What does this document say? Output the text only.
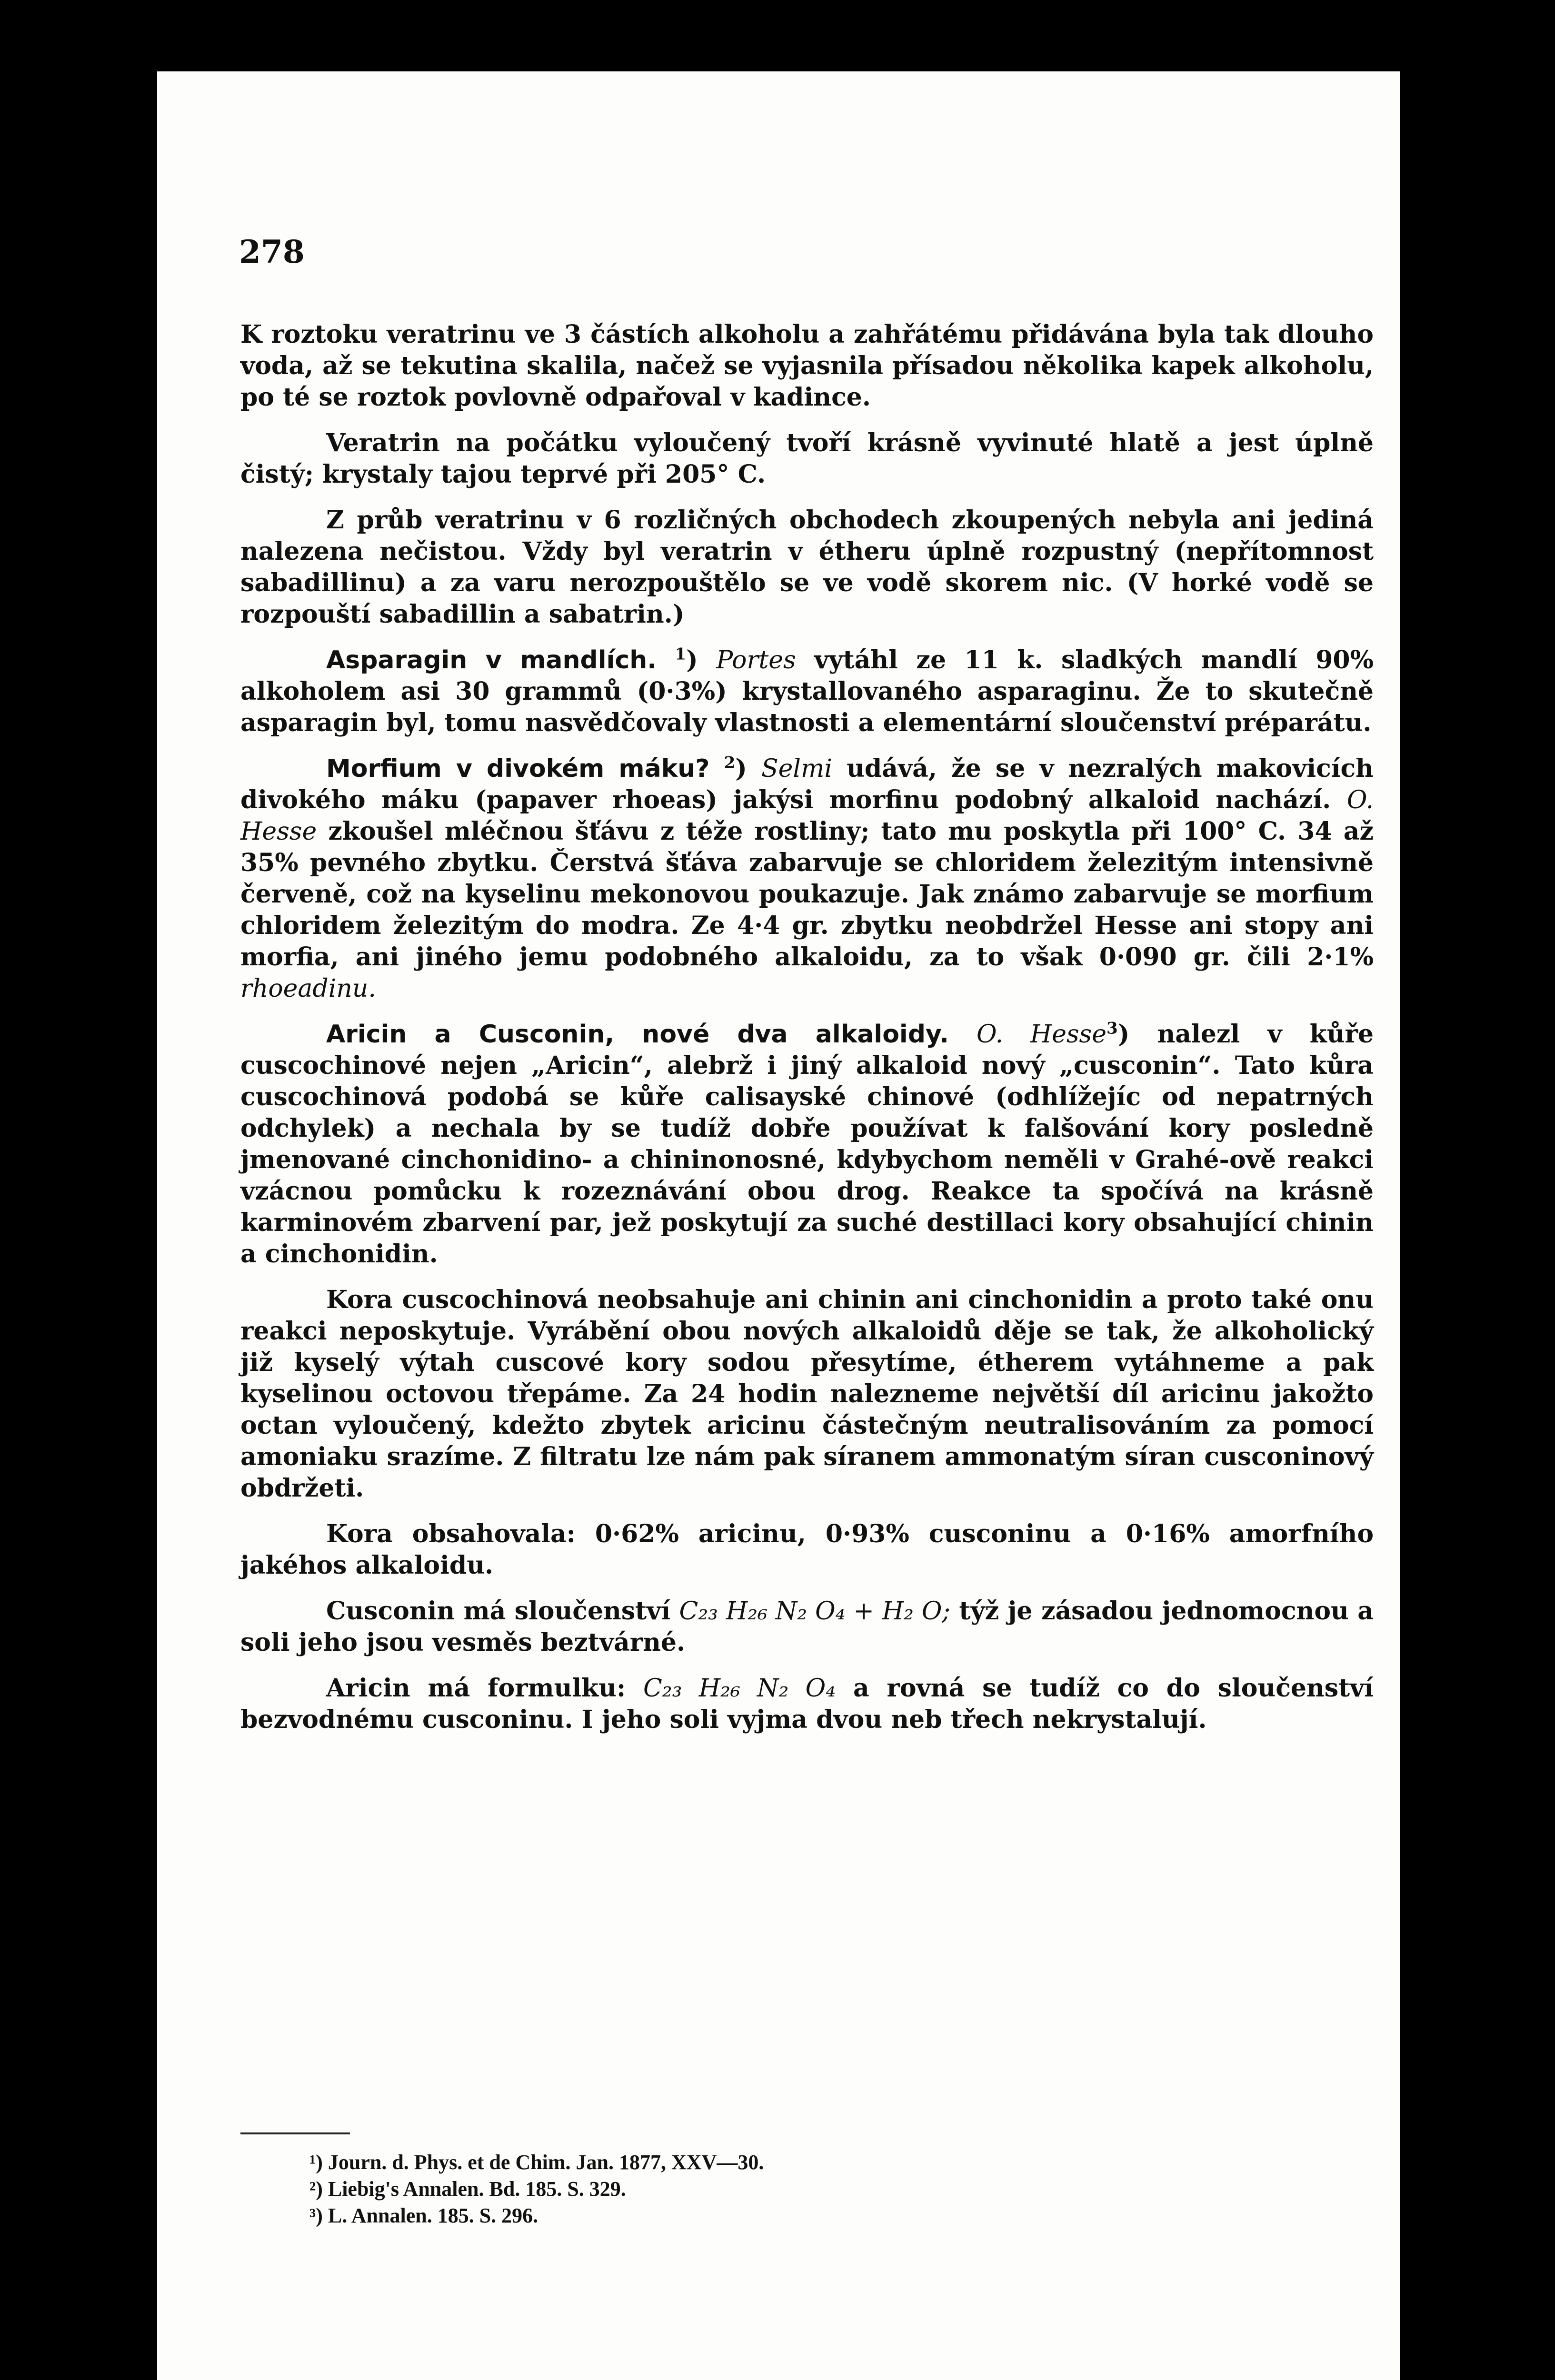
278

K roztoku veratrinu ve 3 částích alkoholu a zahřátému přidávána byla tak dlouho voda, až se tekutina skalila, načež se vyjasnila přísadou několika kapek alkoholu, po té se roztok povlovně odpařoval v kadince.

Veratrin na počátku vyloučený tvoří krásně vyvinuté hlatě a jest úplně čistý; krystaly tajou teprvé při 205° C.

Z průb veratrinu v 6 rozličných obchodech zkoupených nebyla ani jediná nalezena nečistou. Vždy byl veratrin v étheru úplně rozpustný (nepřítomnost sabadillinu) a za varu nerozpouštělo se ve vodě skorem nic. (V horké vodě se rozpouští sabadillin a sabatrin.)

Asparagin v mandlích. $^1$) Portes vytáhl ze 11 k. sladkých mandlí 90% alkoholem asi 30 grammů (0·3%) krystallovaného asparaginu. Že to skutečně asparagin byl, tomu nasvědčovaly vlastnosti a elementární sloučenství préparátu.

Morfium v divokém máku? $^2$) Selmi udává, že se v nezralých makovicích divokého máku (papaver rhoeas) jakýsi morfinu podobný alkaloid nachází. O. Hesse zkoušel mléčnou šťávu z téže rostliny; tato mu poskytla při 100° C. 34 až 35% pevného zbytku. Čerstvá šťáva zabarvuje se chloridem železitým intensivně červeně, což na kyselinu mekonovou poukazuje. Jak známo zabarvuje se morfium chloridem železitým do modra. Ze 4·4 gr. zbytku neobdržel Hesse ani stopy ani morfia, ani jiného jemu podobného alkaloidu, za to však 0·090 gr. čili 2·1% rhoeadinu.

Aricin a Cusconin, nové dva alkaloidy. O. Hesse$^3$) nalezl v kůře cuscochinové nejen „Aricin“, alebrž i jiný alkaloid nový „cusconin“. Tato kůra cuscochinová podobá se kůře calisayské chinové (odhlížejíc od nepatrných odchylek) a nechala by se tudíž dobře používat k falšování kory posledně jmenované cinchonidino- a chininonosné, kdybychom neměli v Grahé-ově reakci vzácnou pomůcku k rozeznávání obou drog. Reakce ta spočívá na krásně karminovém zbarvení par, jež poskytují za suché destillaci kory obsahující chinin a cinchonidin.

Kora cuscochinová neobsahuje ani chinin ani cinchonidin a proto také onu reakci neposkytuje. Vyrábění obou nových alkaloidů děje se tak, že alkoholický již kyselý výtah cuscové kory sodou přesytíme, étherem vytáhneme a pak kyselinou octovou třepáme. Za 24 hodin nalezneme největší díl aricinu jakožto octan vyloučený, kdežto zbytek aricinu částečným neutralisováním za pomocí amoniaku srazíme. Z filtratu lze nám pak síranem ammonatým síran cusconinový obdržeti.

Kora obsahovala: 0·62% aricinu, 0·93% cusconinu a 0·16% amorfního jakéhos alkaloidu.

Cusconin má sloučenství C₂₃ H₂₆ N₂ O₄ + H₂ O; týž je zásadou jednomocnou a soli jeho jsou vesměs beztvárné.

Aricin má formulku: C₂₃ H₂₆ N₂ O₄ a rovná se tudíž co do sloučenství bezvodnému cusconinu. I jeho soli vyjma dvou neb třech nekrystalují.

¹) Journ. d. Phys. et de Chim. Jan. 1877, XXV—30.
²) Liebig's Annalen. Bd. 185. S. 329.
³) L. Annalen. 185. S. 296.
